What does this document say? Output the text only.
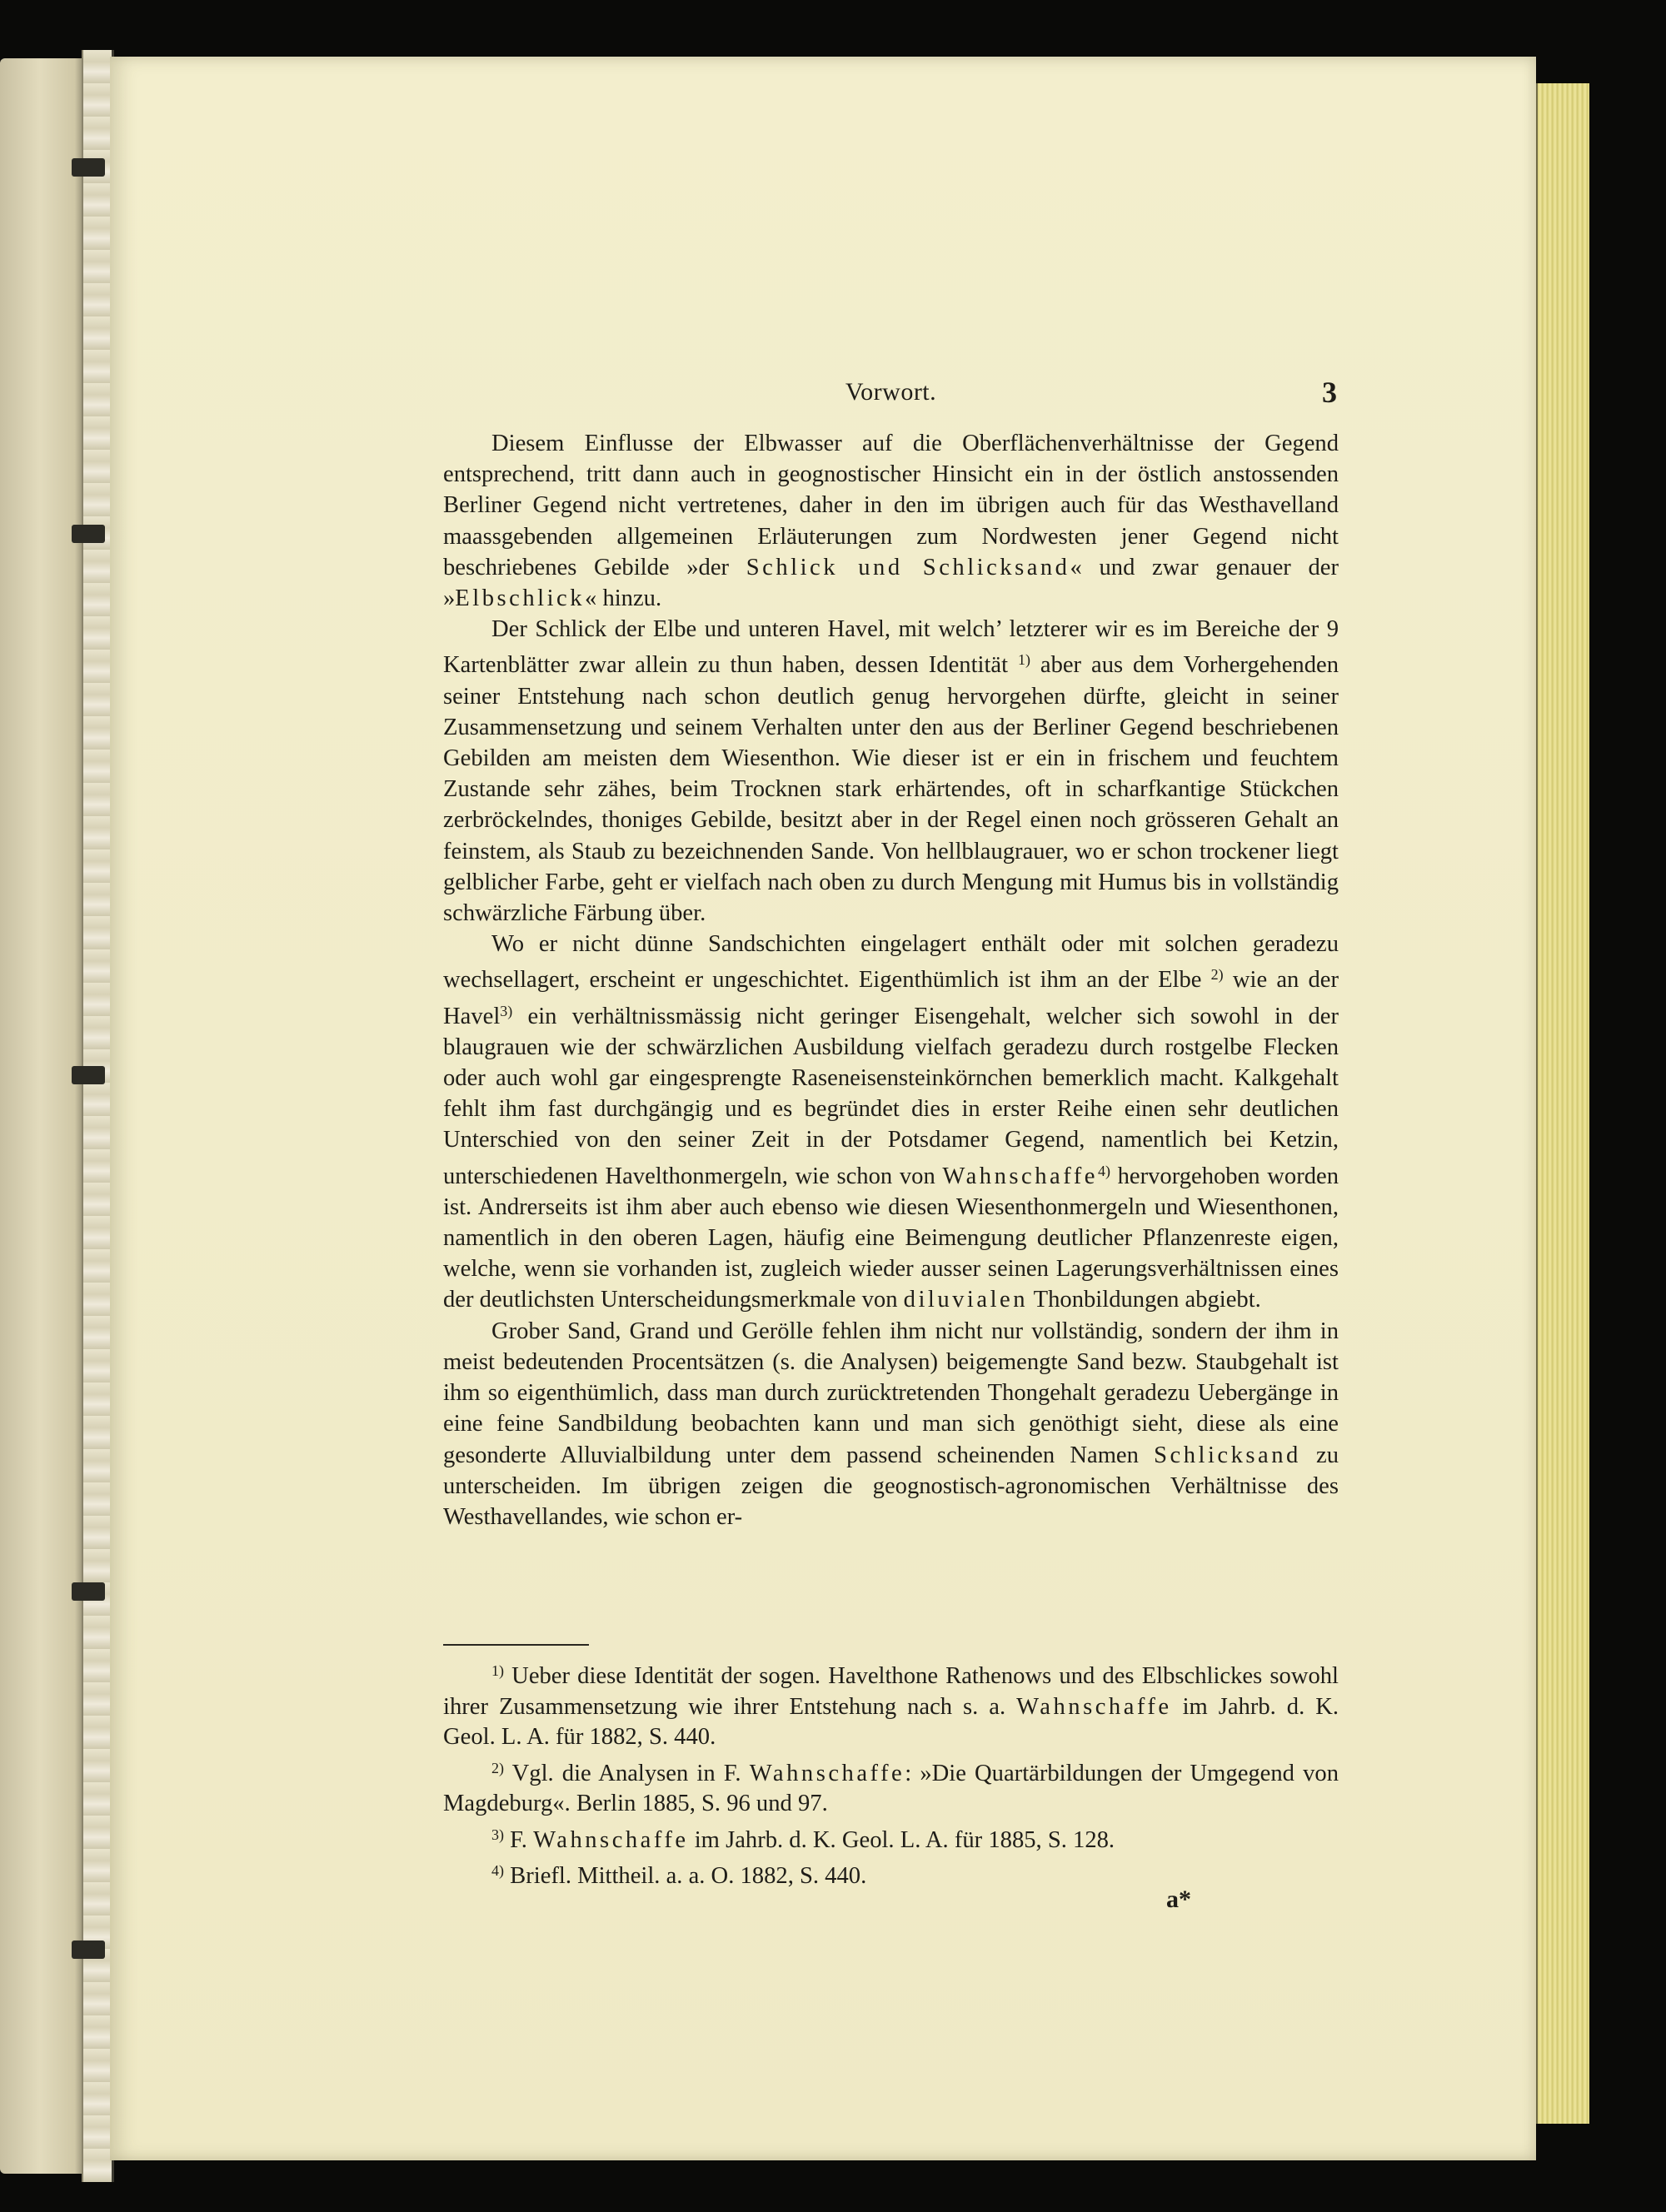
Vorwort.	3

Diesem Einflusse der Elbwasser auf die Oberflächenverhältnisse der Gegend entsprechend, tritt dann auch in geognostischer Hinsicht ein in der östlich anstossenden Berliner Gegend nicht vertretenes, daher in den im übrigen auch für das Westhavelland maassgebenden allgemeinen Erläuterungen zum Nordwesten jener Gegend nicht beschriebenes Gebilde »der Schlick und Schlicksand« und zwar genauer der »Elbschlick« hinzu.

Der Schlick der Elbe und unteren Havel, mit welch’ letzterer wir es im Bereiche der 9 Kartenblätter zwar allein zu thun haben, dessen Identität $^{1)}$ aber aus dem Vorhergehenden seiner Entstehung nach schon deutlich genug hervorgehen dürfte, gleicht in seiner Zusammensetzung und seinem Verhalten unter den aus der Berliner Gegend beschriebenen Gebilden am meisten dem Wiesenthon. Wie dieser ist er ein in frischem und feuchtem Zustande sehr zähes, beim Trocknen stark erhärtendes, oft in scharfkantige Stückchen zerbröckelndes, thoniges Gebilde, besitzt aber in der Regel einen noch grösseren Gehalt an feinstem, als Staub zu bezeichnenden Sande. Von hellblaugrauer, wo er schon trockener liegt gelblicher Farbe, geht er vielfach nach oben zu durch Mengung mit Humus bis in vollständig schwärzliche Färbung über.

Wo er nicht dünne Sandschichten eingelagert enthält oder mit solchen geradezu wechsellagert, erscheint er ungeschichtet. Eigenthümlich ist ihm an der Elbe $^{2)}$ wie an der Havel$^{3)}$ ein verhältnissmässig nicht geringer Eisengehalt, welcher sich sowohl in der blaugrauen wie der schwärzlichen Ausbildung vielfach geradezu durch rostgelbe Flecken oder auch wohl gar eingesprengte Raseneisensteinkörnchen bemerklich macht. Kalkgehalt fehlt ihm fast durchgängig und es begründet dies in erster Reihe einen sehr deutlichen Unterschied von den seiner Zeit in der Potsdamer Gegend, namentlich bei Ketzin, unterschiedenen Havelthonmergeln, wie schon von Wahnschaffe$^{4)}$ hervorgehoben worden ist. Andrerseits ist ihm aber auch ebenso wie diesen Wiesenthonmergeln und Wiesenthonen, namentlich in den oberen Lagen, häufig eine Beimengung deutlicher Pflanzenreste eigen, welche, wenn sie vorhanden ist, zugleich wieder ausser seinen Lagerungsverhältnissen eines der deutlichsten Unterscheidungsmerkmale von diluvialen Thonbildungen abgiebt.

Grober Sand, Grand und Gerölle fehlen ihm nicht nur vollständig, sondern der ihm in meist bedeutenden Procentsätzen (s. die Analysen) beigemengte Sand bezw. Staubgehalt ist ihm so eigenthümlich, dass man durch zurücktretenden Thongehalt geradezu Uebergänge in eine feine Sandbildung beobachten kann und man sich genöthigt sieht, diese als eine gesonderte Alluvialbildung unter dem passend scheinenden Namen Schlicksand zu unterscheiden. Im übrigen zeigen die geognostisch-agronomischen Verhältnisse des Westhavellandes, wie schon er-

$^{1)}$ Ueber diese Identität der sogen. Havelthone Rathenows und des Elbschlickes sowohl ihrer Zusammensetzung wie ihrer Entstehung nach s. a. Wahnschaffe im Jahrb. d. K. Geol. L. A. für 1882, S. 440.

$^{2)}$ Vgl. die Analysen in F. Wahnschaffe: »Die Quartärbildungen der Umgegend von Magdeburg«. Berlin 1885, S. 96 und 97.

$^{3)}$ F. Wahnschaffe im Jahrb. d. K. Geol. L. A. für 1885, S. 128.

$^{4)}$ Briefl. Mittheil. a. a. O. 1882, S. 440.

a*
